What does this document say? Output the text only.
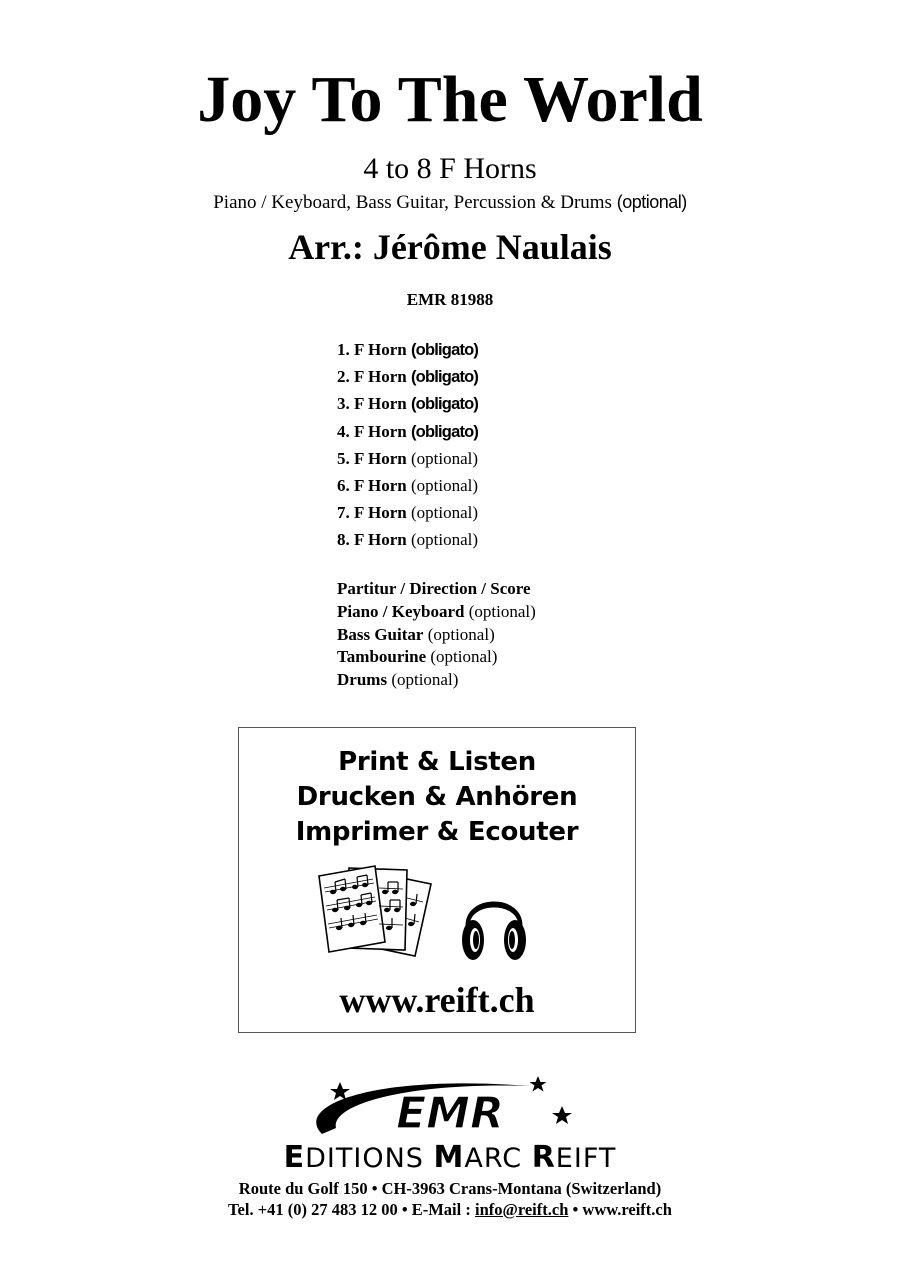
Joy To The World
4 to 8 F Horns
Piano / Keyboard, Bass Guitar, Percussion & Drums (optional)
Arr.: Jérôme Naulais
EMR 81988
1. F Horn (obligato)
2. F Horn (obligato)
3. F Horn (obligato)
4. F Horn (obligato)
5. F Horn (optional)
6. F Horn (optional)
7. F Horn (optional)
8. F Horn (optional)
Partitur / Direction / Score
Piano / Keyboard (optional)
Bass Guitar (optional)
Tambourine (optional)
Drums (optional)
Print & Listen
Drucken & Anhören
Imprimer & Ecouter
www.reift.ch
EMR
EDITIONS MARC REIFT
Route du Golf 150 • CH-3963 Crans-Montana (Switzerland)
Tel. +41 (0) 27 483 12 00 • E-Mail : info@reift.ch • www.reift.ch
